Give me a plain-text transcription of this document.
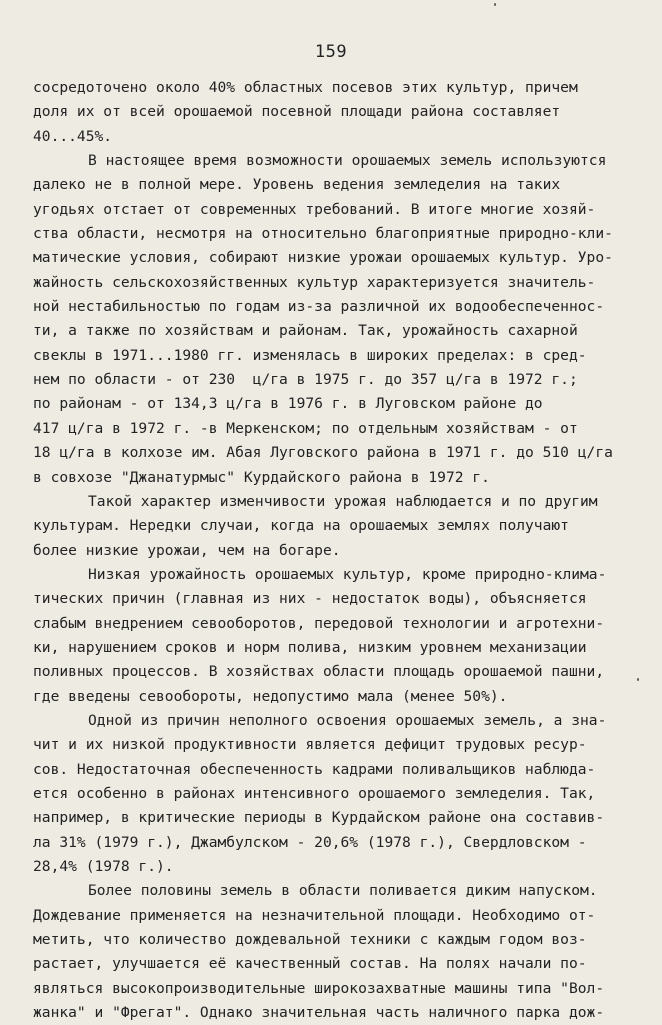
159
сосредоточено около 40% областных посевов этих культур, причем
доля их от всей орошаемой посевной площади района составляет
40...45%.
В настоящее время возможности орошаемых земель используются
далеко не в полной мере. Уровень ведения земледелия на таких
угодьях отстает от современных требований. В итоге многие хозяй-
ства области, несмотря на относительно благоприятные природно-кли-
матические условия, собирают низкие урожаи орошаемых культур. Уро-
жайность сельскохозяйственных культур характеризуется значитель-
ной нестабильностью по годам из-за различной их водообеспеченнос-
ти, а также по хозяйствам и районам. Так, урожайность сахарной
свеклы в 1971...1980 гг. изменялась в широких пределах: в сред-
нем по области - от 230  ц/га в 1975 г. до 357 ц/га в 1972 г.;
по районам - от 134,3 ц/га в 1976 г. в Луговском районе до
417 ц/га в 1972 г. -в Меркенском; по отдельным хозяйствам - от
18 ц/га в колхозе им. Абая Луговского района в 1971 г. до 510 ц/га
в совхозе "Джанатурмыс" Курдайского района в 1972 г.
Такой характер изменчивости урожая наблюдается и по другим
культурам. Нередки случаи, когда на орошаемых землях получают
более низкие урожаи, чем на богаре.
Низкая урожайность орошаемых культур, кроме природно-климa-
тических причин (главная из них - недостаток воды), объясняется
слабым внедрением севооборотов, передовой технологии и агротехни-
ки, нарушением сроков и норм полива, низким уровнем механизации
поливных процессов. В хозяйствах области площадь орошаемой пашни,
где введены севообороты, недопустимо мала (менее 50%).
Одной из причин неполного освоения орошаемых земель, а зна-
чит и их низкой продуктивности является дефицит трудовых ресур-
сов. Недостаточная обеспеченность кадрами поливальщиков наблюда-
ется особенно в районах интенсивного орошаемого земледелия. Так,
например, в критические периоды в Курдайском районе она составив-
ла 31% (1979 г.), Джамбулском - 20,6% (1978 г.), Свердловском -
28,4% (1978 г.).
Более половины земель в области поливается диким напуском.
Дождевание применяется на незначительной площади. Необходимо от-
метить, что количество дождевальной техники с каждым годом воз-
растает, улучшается её качественный состав. На полях начали по-
являться высокопроизводительные широкозахватные машины типа "Вол-
жанка" и "Фрегат". Однако значительная часть наличного парка дож-
